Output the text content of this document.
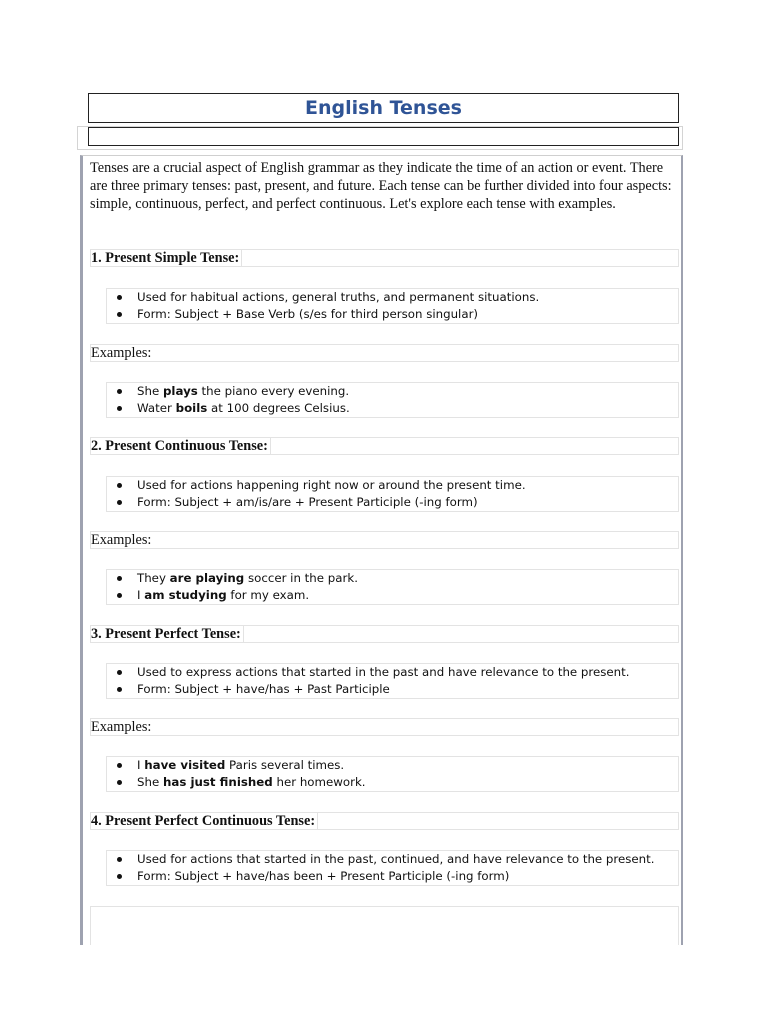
English Tenses
Tenses are a crucial aspect of English grammar as they indicate the time of an action or event. There are three primary tenses: past, present, and future. Each tense can be further divided into four aspects: simple, continuous, perfect, and perfect continuous. Let's explore each tense with examples.
1. Present Simple Tense:
Used for habitual actions, general truths, and permanent situations.
Form: Subject + Base Verb (s/es for third person singular)
Examples:
She plays the piano every evening.
Water boils at 100 degrees Celsius.
2. Present Continuous Tense:
Used for actions happening right now or around the present time.
Form: Subject + am/is/are + Present Participle (-ing form)
Examples:
They are playing soccer in the park.
I am studying for my exam.
3. Present Perfect Tense:
Used to express actions that started in the past and have relevance to the present.
Form: Subject + have/has + Past Participle
Examples:
I have visited Paris several times.
She has just finished her homework.
4. Present Perfect Continuous Tense:
Used for actions that started in the past, continued, and have relevance to the present.
Form: Subject + have/has been + Present Participle (-ing form)
